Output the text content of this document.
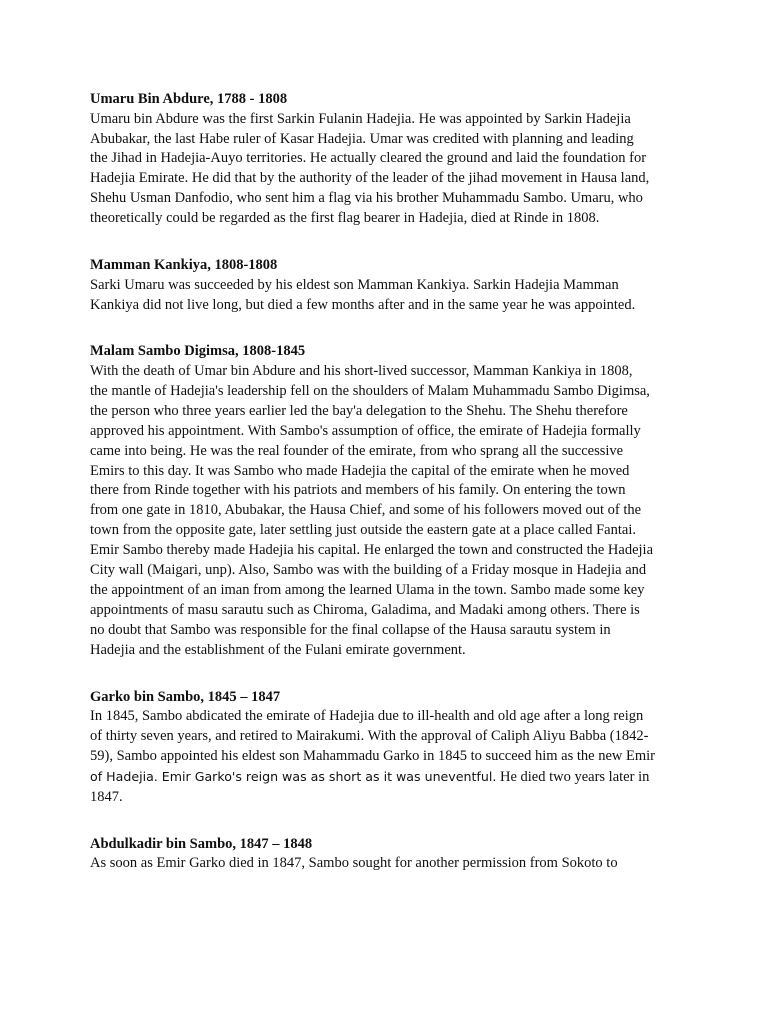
Umaru Bin Abdure, 1788 - 1808

Umaru bin Abdure was the first Sarkin Fulanin Hadejia. He was appointed by Sarkin Hadejia
Abubakar, the last Habe ruler of Kasar Hadejia. Umar was credited with planning and leading
the Jihad in Hadejia-Auyo territories. He actually cleared the ground and laid the foundation for
Hadejia Emirate. He did that by the authority of the leader of the jihad movement in Hausa land,
Shehu Usman Danfodio, who sent him a flag via his brother Muhammadu Sambo. Umaru, who
theoretically could be regarded as the first flag bearer in Hadejia, died at Rinde in 1808.

Mamman Kankiya, 1808-1808

Sarki Umaru was succeeded by his eldest son Mamman Kankiya. Sarkin Hadejia Mamman
Kankiya did not live long, but died a few months after and in the same year he was appointed.

Malam Sambo Digimsa, 1808-1845

With the death of Umar bin Abdure and his short-lived successor, Mamman Kankiya in 1808,
the mantle of Hadejia's leadership fell on the shoulders of Malam Muhammadu Sambo Digimsa,
the person who three years earlier led the bay'a delegation to the Shehu. The Shehu therefore
approved his appointment. With Sambo's assumption of office, the emirate of Hadejia formally
came into being. He was the real founder of the emirate, from who sprang all the successive
Emirs to this day. It was Sambo who made Hadejia the capital of the emirate when he moved
there from Rinde together with his patriots and members of his family. On entering the town
from one gate in 1810, Abubakar, the Hausa Chief, and some of his followers moved out of the
town from the opposite gate, later settling just outside the eastern gate at a place called Fantai.
Emir Sambo thereby made Hadejia his capital. He enlarged the town and constructed the Hadejia
City wall (Maigari, unp). Also, Sambo was with the building of a Friday mosque in Hadejia and
the appointment of an iman from among the learned Ulama in the town. Sambo made some key
appointments of masu sarautu such as Chiroma, Galadima, and Madaki among others. There is
no doubt that Sambo was responsible for the final collapse of the Hausa sarautu system in
Hadejia and the establishment of the Fulani emirate government.

Garko bin Sambo, 1845 – 1847

In 1845, Sambo abdicated the emirate of Hadejia due to ill-health and old age after a long reign
of thirty seven years, and retired to Mairakumi. With the approval of Caliph Aliyu Babba (1842-
59), Sambo appointed his eldest son Mahammadu Garko in 1845 to succeed him as the new Emir
of Hadejia. Emir Garko's reign was as short as it was uneventful. He died two years later in
1847.

Abdulkadir bin Sambo, 1847 – 1848

As soon as Emir Garko died in 1847, Sambo sought for another permission from Sokoto to
